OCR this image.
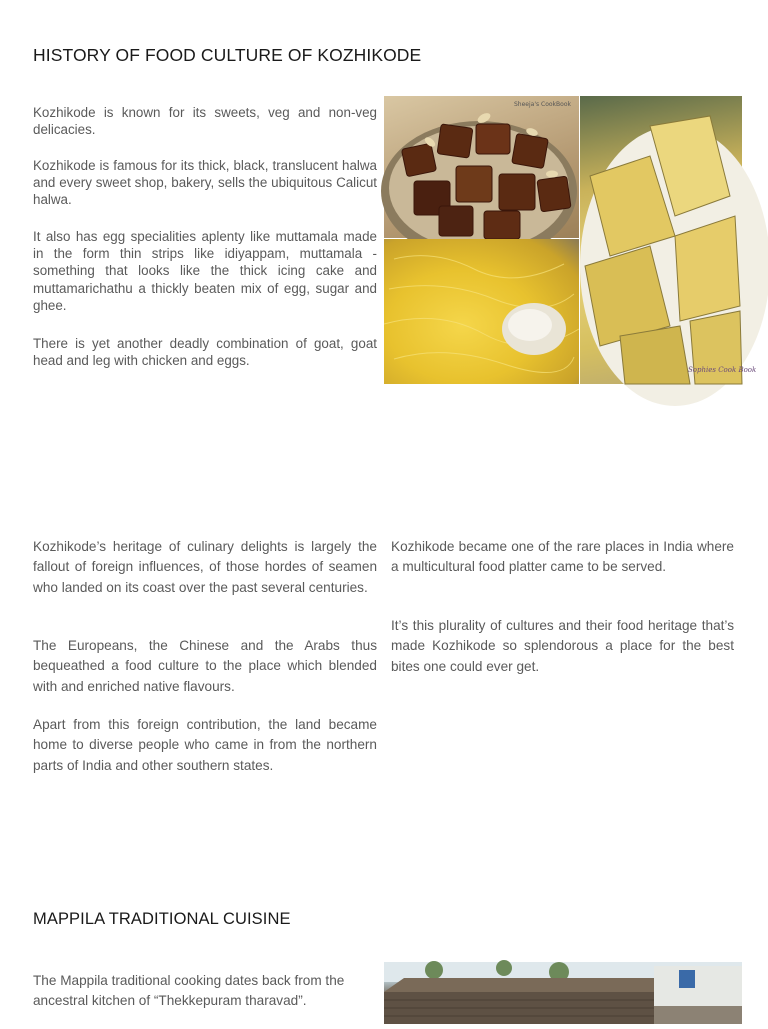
HISTORY OF FOOD CULTURE OF KOZHIKODE

Kozhikode is known for its sweets, veg and non-veg delicacies.

Kozhikode is famous for its thick, black, translucent halwa and every sweet shop, bakery, sells the ubiquitous Calicut halwa.

It also has egg specialities aplenty like muttamala made in the form thin strips like idiyappam, muttamala - something that looks like the thick icing cake and muttamarichathu a thickly beaten mix of egg, sugar and ghee.

There is yet another deadly combination of goat, goat head and leg with chicken and eggs.

Sheeja's CookBook
Sophies Cook Book

Kozhikode’s heritage of culinary delights is largely the fallout of foreign influences, of those hordes of seamen who landed on its coast over the past several centuries.

The Europeans, the Chinese and the Arabs thus bequeathed a food culture to the place which blended with and enriched native flavours.

Apart from this foreign contribution, the land became home to diverse people who came in from the northern parts of India and other southern states.

Kozhikode became one of the rare places in India where a multicultural food platter came to be served.

It’s this plurality of cultures and their food heritage that’s made Kozhikode so splendorous a place for the best bites one could ever get.

MAPPILA TRADITIONAL CUISINE

The Mappila traditional cooking dates back from the ancestral kitchen of “Thekkepuram tharavad”.
